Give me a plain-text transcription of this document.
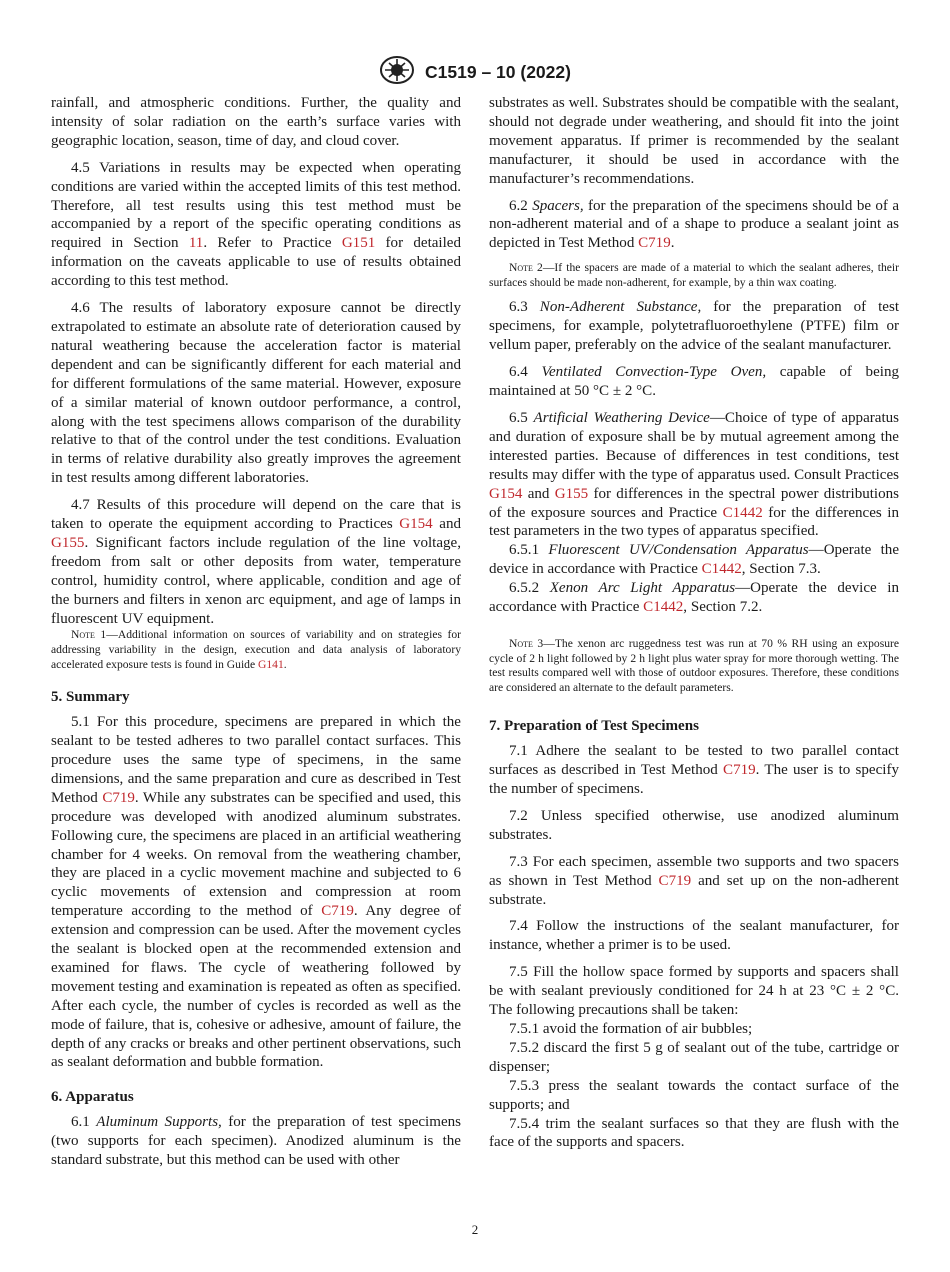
C1519 – 10 (2022)

rainfall, and atmospheric conditions. Further, the quality and intensity of solar radiation on the earth’s surface varies with geographic location, season, time of day, and cloud cover.

4.5 Variations in results may be expected when operating conditions are varied within the accepted limits of this test method. Therefore, all test results using this test method must be accompanied by a report of the specific operating conditions as required in Section 11. Refer to Practice G151 for detailed information on the caveats applicable to use of results obtained according to this test method.

4.6 The results of laboratory exposure cannot be directly extrapolated to estimate an absolute rate of deterioration caused by natural weathering because the acceleration factor is material dependent and can be significantly different for each material and for different formulations of the same material. However, exposure of a similar material of known outdoor performance, a control, along with the test specimens allows comparison of the durability relative to that of the control under the test conditions. Evaluation in terms of relative durability also greatly improves the agreement in test results among different laboratories.

4.7 Results of this procedure will depend on the care that is taken to operate the equipment according to Practices G154 and G155. Significant factors include regulation of the line voltage, freedom from salt or other deposits from water, temperature control, humidity control, where applicable, condition and age of the burners and filters in xenon arc equipment, and age of lamps in fluorescent UV equipment.

Note 1—Additional information on sources of variability and on strategies for addressing variability in the design, execution and data analysis of laboratory accelerated exposure tests is found in Guide G141.
5. Summary

5.1 For this procedure, specimens are prepared in which the sealant to be tested adheres to two parallel contact surfaces. This procedure uses the same type of specimens, in the same dimensions, and the same preparation and cure as described in Test Method C719. While any substrates can be specified and used, this procedure was developed with anodized aluminum substrates. Following cure, the specimens are placed in an artificial weathering chamber for 4 weeks. On removal from the weathering chamber, they are placed in a cyclic movement machine and subjected to 6 cyclic movements of extension and compression at room temperature according to the method of C719. Any degree of extension and compression can be used. After the movement cycles the sealant is blocked open at the recommended extension and examined for flaws. The cycle of weathering followed by movement testing and examination is repeated as often as specified. After each cycle, the number of cycles is recorded as well as the mode of failure, that is, cohesive or adhesive, amount of failure, the depth of any cracks or breaks and other pertinent observations, such as sealant deformation and bubble formation.

6. Apparatus

6.1 Aluminum Supports, for the preparation of test specimens (two supports for each specimen). Anodized aluminum is the standard substrate, but this method can be used with other

substrates as well. Substrates should be compatible with the sealant, should not degrade under weathering, and should fit into the joint movement apparatus. If primer is recommended by the sealant manufacturer, it should be used in accordance with the manufacturer’s recommendations.

6.2 Spacers, for the preparation of the specimens should be of a non-adherent material and of a shape to produce a sealant joint as depicted in Test Method C719.

Note 2—If the spacers are made of a material to which the sealant adheres, their surfaces should be made non-adherent, for example, by a thin wax coating.

6.3 Non-Adherent Substance, for the preparation of test specimens, for example, polytetrafluoroethylene (PTFE) film or vellum paper, preferably on the advice of the sealant manufacturer.

6.4 Ventilated Convection-Type Oven, capable of being maintained at 50 °C ± 2 °C.

6.5 Artificial Weathering Device—Choice of type of apparatus and duration of exposure shall be by mutual agreement among the interested parties. Because of differences in test conditions, test results may differ with the type of apparatus used. Consult Practices G154 and G155 for differences in the spectral power distributions of the exposure sources and Practice C1442 for the differences in test parameters in the two types of apparatus specified.

6.5.1 Fluorescent UV/Condensation Apparatus—Operate the device in accordance with Practice C1442, Section 7.3.

6.5.2 Xenon Arc Light Apparatus—Operate the device in accordance with Practice C1442, Section 7.2.

Note 3—The xenon arc ruggedness test was run at 70 % RH using an exposure cycle of 2 h light followed by 2 h light plus water spray for more thorough wetting. The test results compared well with those of outdoor exposures. Therefore, these conditions are considered an alternate to the default parameters.
7. Preparation of Test Specimens

7.1 Adhere the sealant to be tested to two parallel contact surfaces as described in Test Method C719. The user is to specify the number of specimens.

7.2 Unless specified otherwise, use anodized aluminum substrates.

7.3 For each specimen, assemble two supports and two spacers as shown in Test Method C719 and set up on the non-adherent substrate.

7.4 Follow the instructions of the sealant manufacturer, for instance, whether a primer is to be used.

7.5 Fill the hollow space formed by supports and spacers shall be with sealant previously conditioned for 24 h at 23 °C ± 2 °C. The following precautions shall be taken:

7.5.1 avoid the formation of air bubbles;

7.5.2 discard the first 5 g of sealant out of the tube, cartridge or dispenser;

7.5.3 press the sealant towards the contact surface of the supports; and

7.5.4 trim the sealant surfaces so that they are flush with the face of the supports and spacers.

2
